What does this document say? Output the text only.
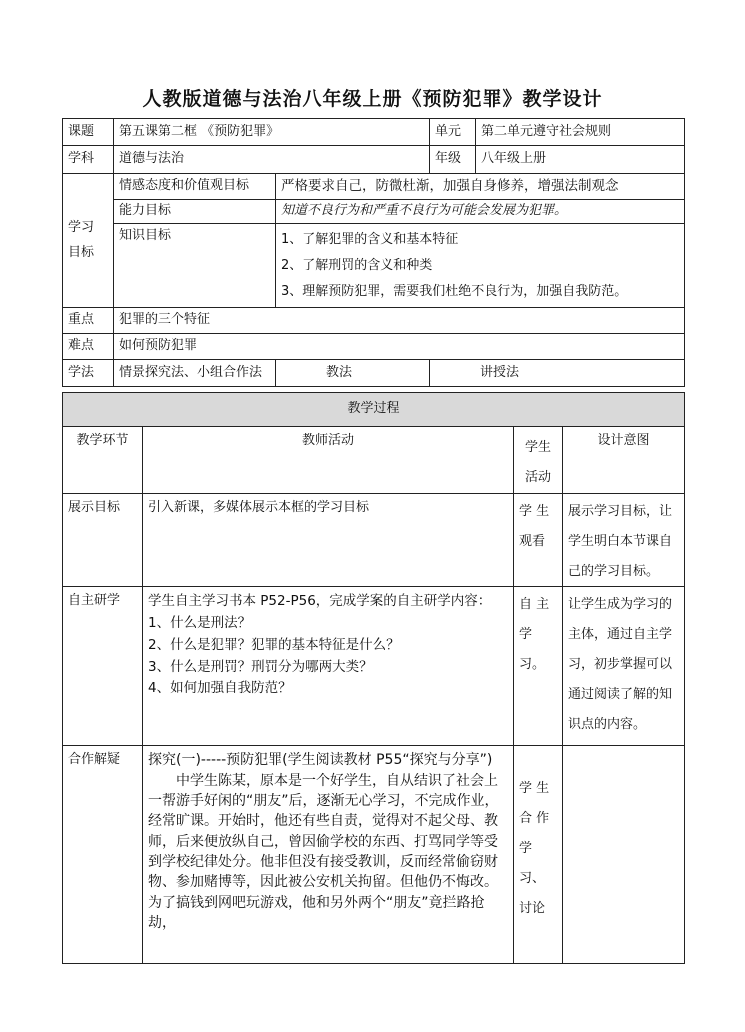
人教版道德与法治八年级上册《预防犯罪》教学设计
课题	第五课第二框 《预防犯罪》		单元	第二单元遵守社会规则
学科	道德与法治		年级	八年级上册
学习目标	情感态度和价值观目标	严格要求自己，防微杜渐，加强自身修养，增强法制观念		
	能力目标	知道不良行为和严重不良行为可能会发展为犯罪。		
	知识目标	1、了解犯罪的含义和基本特征

2、了解刑罚的含义和种类

3、理解预防犯罪，需要我们杜绝不良行为，加强自我防范。		

重点	犯罪的三个特征			
难点	如何预防犯罪			
学法	情景探究法、小组合作法	教法	讲授法	
教学过程			
教学环节	教师活动	学生活动	设计意图
展示目标	引入新课，多媒体展示本框的学习目标	学 生 观看	展示学习目标，让学生明白本节课自己的学习目标。
自主研学	学生自主学习书本 P52-P56，完成学案的自主研学内容：

1、什么是刑法？

2、什么是犯罪？犯罪的基本特征是什么？

3、什么是刑罚？刑罚分为哪两大类？

4、如何加强自我防范？	自 主 学习。	让学生成为学习的主体，通过自主学习，初步掌握可以通过阅读了解的知识点的内容。
合作解疑	探究(一)-----预防犯罪(学生阅读教材 P55“探究与分享”)

中学生陈某，原本是一个好学生，自从结识了社会上一帮游手好闲的“朋友”后，逐渐无心学习，不完成作业，经常旷课。开始时，他还有些自责，觉得对不起父母、教师，后来便放纵自己，曾因偷学校的东西、打骂同学等受到学校纪律处分。他非但没有接受教训，反而经常偷窃财物、参加赌博等，因此被公安机关拘留。但他仍不悔改。为了搞钱到网吧玩游戏，他和另外两个“朋友”竟拦路抢劫，	学 生 合 作 学习、讨论	
